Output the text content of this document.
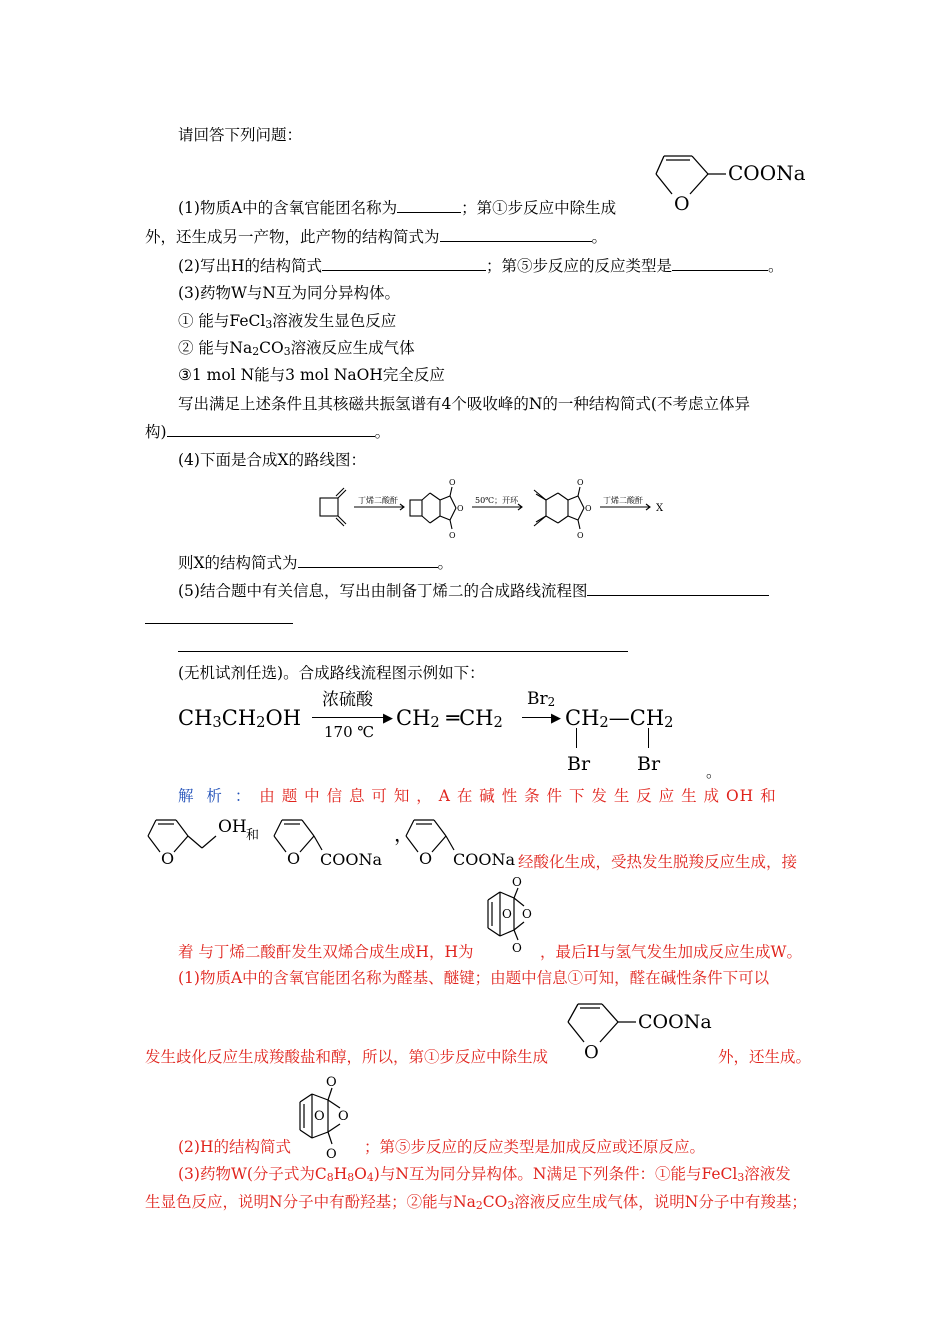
请回答下列问题：
O
COONa
(1)物质A中的含氧官能团名称为	；第①步反应中除生成
外，还生成另一产物，此产物的结构简式为	。
(2)写出H的结构简式	；第⑤步反应的反应类型是	。
(3)药物W与N互为同分异构体。
① 能与FeCl$_3$溶液发生显色反应
② 能与$Na_2CO_3$溶液反应生成气体
③1 mol N能与3 mol NaOH完全反应
写出满足上述条件且其核磁共振氢谱有4个吸收峰的N的一种结构简式(不考虑立体异
构)	。
(4)下面是合成X的路线图：
丁烯二酸酐	50℃；开环	丁烯二酸酐
X
O
O
O
O
O
O
则X的结构简式为	。
(5)结合题中有关信息，写出由制备丁烯二的合成路线流程图
(无机试剂任选)。合成路线流程图示例如下：
$CH_3CH_2OH$
浓硫酸
▶
170 ℃
$CH_2$ $═CH_2$
$Br_2$
▶ $CH_2—CH_2$
Br Br	。
解 析 ： 由 题 中 信 息 可 知 ， A 在 碱 性 条 件 下 发 生 反 应 生 成 OH 和
O
OH 和
O COONa
，
O COONa 经酸化生成，受热发生脱羧反应生成，接
O
O
O
O
着 与丁烯二酸酐发生双烯合成生成H，H为	，最后H与氢气发生加成反应生成W。
(1)物质A中的含氧官能团名称为醛基、醚键；由题中信息①可知，醛在碱性条件下可以
O
COONa
发生歧化反应生成羧酸盐和醇，所以，第①步反应中除生成	外，还生成。
O
O
O
O
(2)H的结构简式	；第⑤步反应的反应类型是加成反应或还原反应。
(3)药物W(分子式为$C_8H_8O_4$)与N互为同分异构体。N满足下列条件：①能与FeCl$_3$溶液发
生显色反应，说明N分子中有酚羟基；②能与$Na_2CO_3$溶液反应生成气体，说明N分子中有羧基；
